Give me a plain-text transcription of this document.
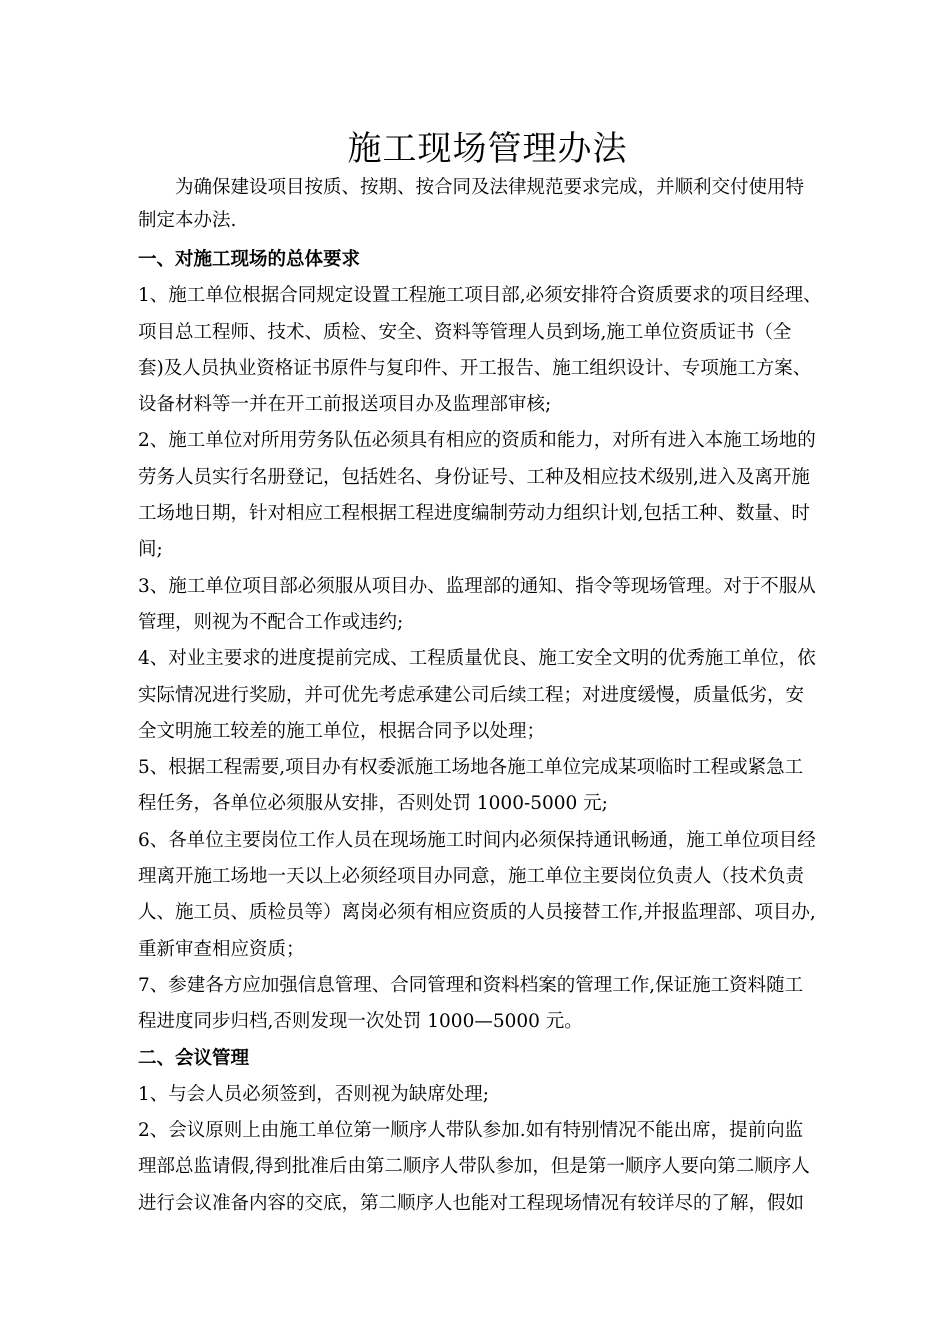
施工现场管理办法
为确保建设项目按质、按期、按合同及法律规范要求完成，并顺利交付使用特
制定本办法.
一、对施工现场的总体要求
1、施工单位根据合同规定设置工程施工项目部,必须安排符合资质要求的项目经理、
项目总工程师、技术、质检、安全、资料等管理人员到场,施工单位资质证书（全
套)及人员执业资格证书原件与复印件、开工报告、施工组织设计、专项施工方案、
设备材料等一并在开工前报送项目办及监理部审核;
2、施工单位对所用劳务队伍必须具有相应的资质和能力，对所有进入本施工场地的
劳务人员实行名册登记，包括姓名、身份证号、工种及相应技术级别,进入及离开施
工场地日期，针对相应工程根据工程进度编制劳动力组织计划,包括工种、数量、时
间;
3、施工单位项目部必须服从项目办、监理部的通知、指令等现场管理。对于不服从
管理，则视为不配合工作或违约;
4、对业主要求的进度提前完成、工程质量优良、施工安全文明的优秀施工单位，依
实际情况进行奖励，并可优先考虑承建公司后续工程；对进度缓慢，质量低劣，安
全文明施工较差的施工单位，根据合同予以处理；
5、根据工程需要,项目办有权委派施工场地各施工单位完成某项临时工程或紧急工
程任务，各单位必须服从安排，否则处罚 1000-5000 元;
6、各单位主要岗位工作人员在现场施工时间内必须保持通讯畅通，施工单位项目经
理离开施工场地一天以上必须经项目办同意，施工单位主要岗位负责人（技术负责
人、施工员、质检员等）离岗必须有相应资质的人员接替工作,并报监理部、项目办,
重新审查相应资质；
7、参建各方应加强信息管理、合同管理和资料档案的管理工作,保证施工资料随工
程进度同步归档,否则发现一次处罚 1000—5000 元。
二、会议管理
1、与会人员必须签到，否则视为缺席处理;
2、会议原则上由施工单位第一顺序人带队参加.如有特别情况不能出席，提前向监
理部总监请假,得到批准后由第二顺序人带队参加，但是第一顺序人要向第二顺序人
进行会议准备内容的交底，第二顺序人也能对工程现场情况有较详尽的了解，假如
